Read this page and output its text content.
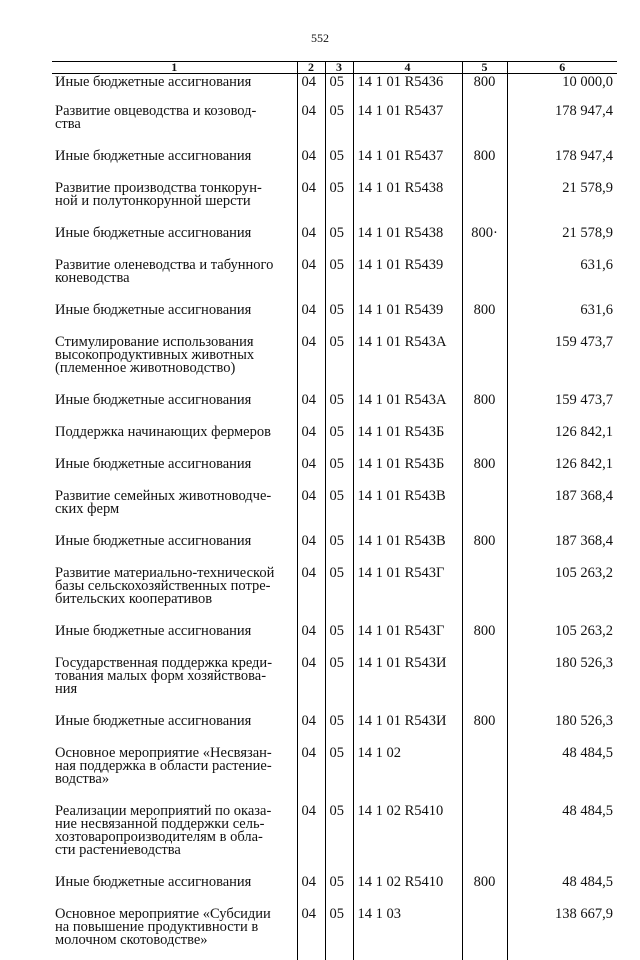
552
1	2	3	4	5	6
Иные бюджетные ассигнования	04	05	14 1 01 R5436	800	10 000,0
Развитие овцеводства и козовод-
ства	04	05	14 1 01 R5437		178 947,4
Иные бюджетные ассигнования	04	05	14 1 01 R5437	800	178 947,4
Развитие производства тонкорун-
ной и полутонкорунной шерсти	04	05	14 1 01 R5438		21 578,9
Иные бюджетные ассигнования	04	05	14 1 01 R5438	800·	21 578,9
Развитие оленеводства и табунного
коневодства	04	05	14 1 01 R5439		631,6
Иные бюджетные ассигнования	04	05	14 1 01 R5439	800	631,6
Стимулирование использования
высокопродуктивных животных
(племенное животноводство)	04	05	14 1 01 R543А		159 473,7
Иные бюджетные ассигнования	04	05	14 1 01 R543А	800	159 473,7
Поддержка начинающих фермеров	04	05	14 1 01 R543Б		126 842,1
Иные бюджетные ассигнования	04	05	14 1 01 R543Б	800	126 842,1
Развитие семейных животноводче-
ских ферм	04	05	14 1 01 R543В		187 368,4
Иные бюджетные ассигнования	04	05	14 1 01 R543В	800	187 368,4
Развитие материально-технической
базы сельскохозяйственных потре-
бительских кооперативов	04	05	14 1 01 R543Г		105 263,2
Иные бюджетные ассигнования	04	05	14 1 01 R543Г	800	105 263,2
Государственная поддержка креди-
тования малых форм хозяйствова-
ния	04	05	14 1 01 R543И		180 526,3
Иные бюджетные ассигнования	04	05	14 1 01 R543И	800	180 526,3
Основное мероприятие «Несвязан-
ная поддержка в области растение-
водства»	04	05	14 1 02		48 484,5
Реализации мероприятий по оказа-
ние несвязанной поддержки сель-
хозтоваропроизводителям в обла-
сти растениеводства	04	05	14 1 02 R5410		48 484,5
Иные бюджетные ассигнования	04	05	14 1 02 R5410	800	48 484,5
Основное мероприятие «Субсидии
на повышение продуктивности в
молочном скотоводстве»	04	05	14 1 03		138 667,9
